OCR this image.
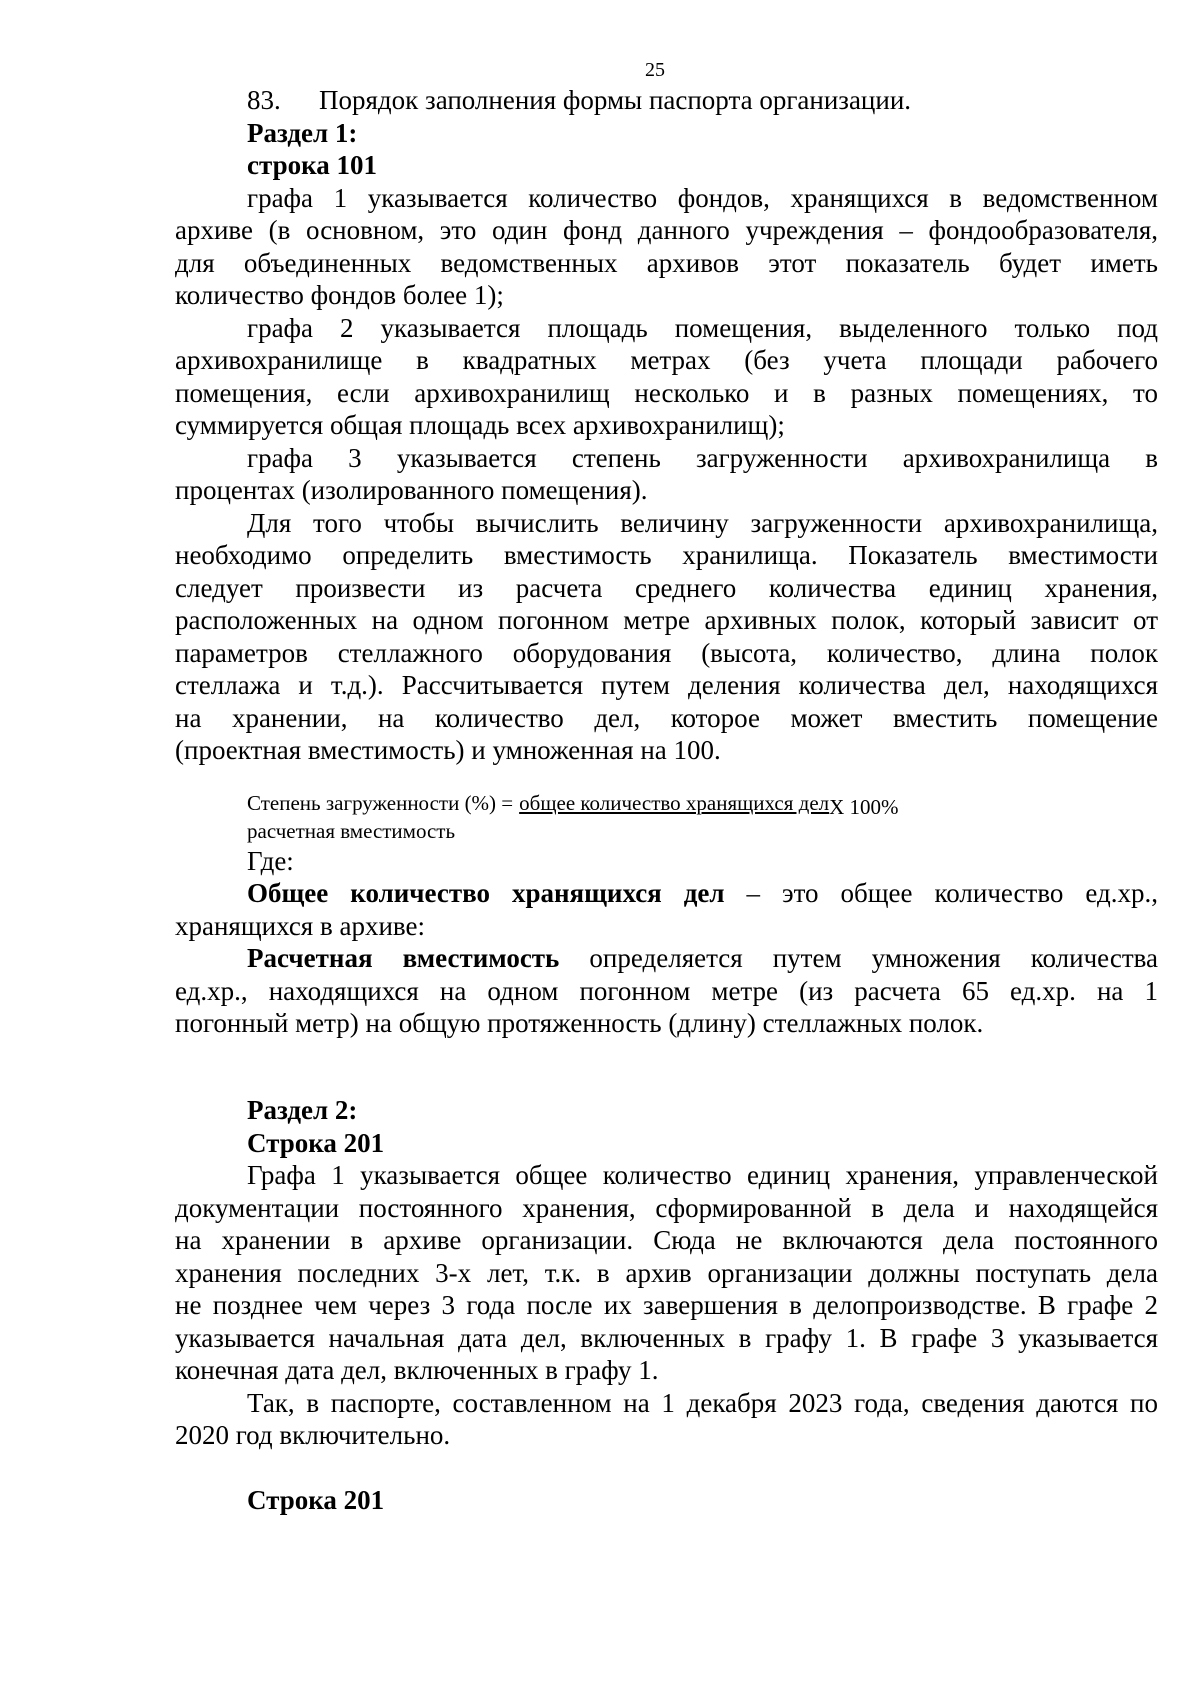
25
83. Порядок заполнения формы паспорта организации.
Раздел 1:
строка 101
графа 1 указывается количество фондов, хранящихся в ведомственном
архиве (в основном, это один фонд данного учреждения – фондообразователя,
для объединенных ведомственных архивов этот показатель будет иметь
количество фондов более 1);
графа 2 указывается площадь помещения, выделенного только под
архивохранилище в квадратных метрах (без учета площади рабочего
помещения, если архивохранилищ несколько и в разных помещениях, то
суммируется общая площадь всех архивохранилищ);
графа 3 указывается степень загруженности архивохранилища в
процентах (изолированного помещения).
Для того чтобы вычислить величину загруженности архивохранилища,
необходимо определить вместимость хранилища. Показатель вместимости
следует произвести из расчета среднего количества единиц хранения,
расположенных на одном погонном метре архивных полок, который зависит от
параметров стеллажного оборудования (высота, количество, длина полок
стеллажа и т.д.). Рассчитывается путем деления количества дел, находящихся
на хранении, на количество дел, которое может вместить помещение
(проектная вместимость) и умноженная на 100.
Степень загруженности (%) = общее количество хранящихся делХ 100%
расчетная вместимость
Где:
Общее количество хранящихся дел – это общее количество ед.хр.,
хранящихся в архиве:
Расчетная вместимость определяется путем умножения количества
ед.хр., находящихся на одном погонном метре (из расчета 65 ед.хр. на 1
погонный метр) на общую протяженность (длину) стеллажных полок.
Раздел 2:
Строка 201
Графа 1 указывается общее количество единиц хранения, управленческой
документации постоянного хранения, сформированной в дела и находящейся
на хранении в архиве организации. Сюда не включаются дела постоянного
хранения последних 3-х лет, т.к. в архив организации должны поступать дела
не позднее чем через 3 года после их завершения в делопроизводстве. В графе 2
указывается начальная дата дел, включенных в графу 1. В графе 3 указывается
конечная дата дел, включенных в графу 1.
Так, в паспорте, составленном на 1 декабря 2023 года, сведения даются по
2020 год включительно.
Строка 201
